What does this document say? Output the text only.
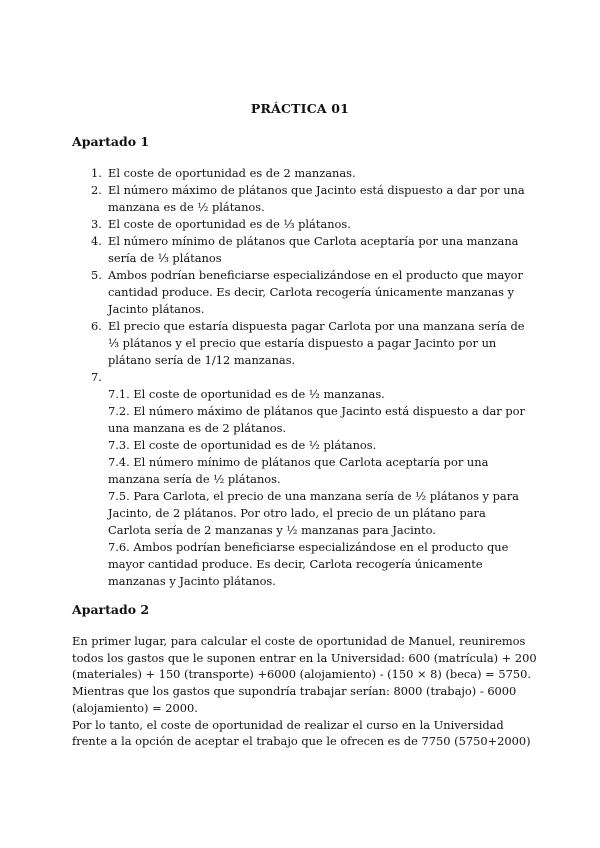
PRÁCTICA 01
Apartado 1
1. El coste de oportunidad es de 2 manzanas.
2. El número máximo de plátanos que Jacinto está dispuesto a dar por una manzana es de ½ plátanos.
3. El coste de oportunidad es de ⅓ plátanos.
4. El número mínimo de plátanos que Carlota aceptaría por una manzana sería de ⅓ plátanos
5. Ambos podrían beneficiarse especializándose en el producto que mayor cantidad produce. Es decir, Carlota recogería únicamente manzanas y Jacinto plátanos.
6. El precio que estaría dispuesta pagar Carlota por una manzana sería de ⅓ plátanos y el precio que estaría dispuesto a pagar Jacinto por un plátano sería de 1/12 manzanas.
7.

7.1. El coste de oportunidad es de ½ manzanas.
7.2. El número máximo de plátanos que Jacinto está dispuesto a dar por una manzana es de 2 plátanos.
7.3. El coste de oportunidad es de ½ plátanos.
7.4. El número mínimo de plátanos que Carlota aceptaría por una manzana sería de ½ plátanos.
7.5. Para Carlota, el precio de una manzana sería de ½ plátanos y para Jacinto, de 2 plátanos. Por otro lado, el precio de un plátano para Carlota sería de 2 manzanas y ½ manzanas para Jacinto.
7.6. Ambos podrían beneficiarse especializándose en el producto que mayor cantidad produce. Es decir, Carlota recogería únicamente manzanas y Jacinto plátanos.
Apartado 2

En primer lugar, para calcular el coste de oportunidad de Manuel, reuniremos todos los gastos que le suponen entrar en la Universidad: 600 (matrícula) + 200 (materiales) + 150 (transporte) +6000 (alojamiento) - (150 × 8) (beca) = 5750.

Mientras que los gastos que supondría trabajar serían: 8000 (trabajo) - 6000 (alojamiento) = 2000.

Por lo tanto, el coste de oportunidad de realizar el curso en la Universidad frente a la opción de aceptar el trabajo que le ofrecen es de 7750 (5750+2000)
